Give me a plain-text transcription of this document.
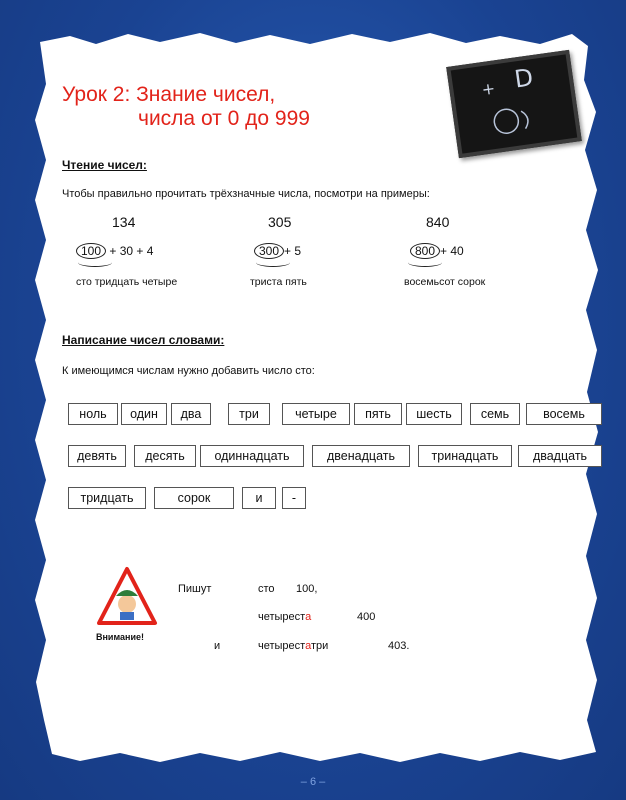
Урок 2: Знание чисел,
числа от 0 до 999
+ D
Чтение чисел:
Чтобы правильно прочитать трёхзначные числа, посмотри на примеры:
134	305	840
100 + 30 + 4	300 + 5	800 + 40
сто тридцать четыре	триста пять	восемьсот сорок
Написание чисел словами:
К имеющимся числам нужно добавить число сто:
ноль	один	два	три	четыре	пять	шесть	семь
девять	десять	одиннадцать	двенадцать	тринадцать	двадцать
тридцать	сорок	и	-
Внимание!
Пишут	сто 100,
четыреста	400
и	четырестатри	403.
– 6 –
восемь
